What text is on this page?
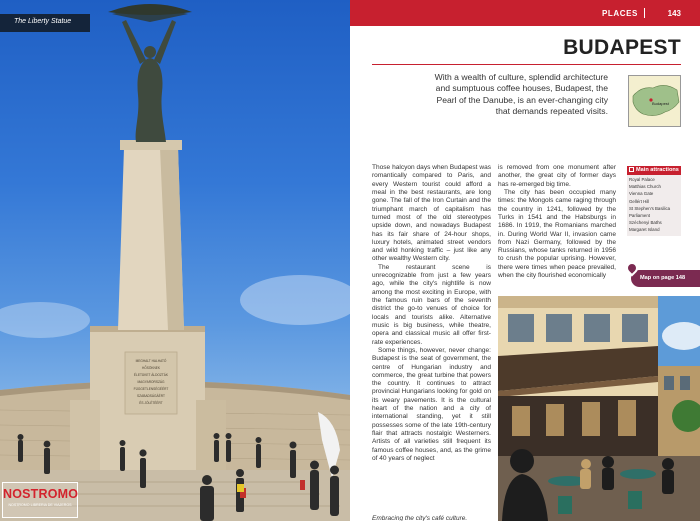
MEGHALT HALHATÓ
HŐSÖKNEK
ÉLETÜKET ÁLDOZTÁK
MAGYARORSZÁG
FÜGGETLENSÉGÉÉRT
SZABADSÁGÁÉRT
ÉS JÓLÉTÉÉRT
The Liberty Statue
NOSTROMO
NOSTROMO LIBRERIA DE VIAJEROS
PLACES	143
BUDAPEST
With a wealth of culture, splendid architecture and sumptuous coffee houses, Budapest, the Pearl of the Danube, is an ever-changing city that demands repeated visits.
Budapest

Those halcyon days when Budapest was romantically compared to Paris, and every Western tourist could afford a meal in the best restaurants, are long gone. The fall of the Iron Curtain and the triumphant march of capitalism has turned most of the old stereotypes upside down, and nowadays Budapest has its fair share of 24-hour shops, luxury hotels, animated street vendors and wild honking traffic – just like any other wealthy Western city.

The restaurant scene is unrecognizable from just a few years ago, while the city's nightlife is now among the most exciting in Europe, with the famous ruin bars of the seventh district the go-to venues of choice for locals and tourists alike. Alternative music is big business, while theatre, opera and classical music all offer first-rate experiences.

Some things, however, never change: Budapest is the seat of government, the centre of Hungarian industry and commerce, the great turbine that powers the country. It continues to attract provincial Hungarians looking for gold on its weary pavements. It is the cultural heart of the nation and a city of international standing, yet it still possesses some of the late 19th-century flair that attracts nostalgic Westerners. Artists of all varieties still frequent its famous coffee houses, and, as the grime of 40 years of neglect

is removed from one monument after another, the great city of former days has re-emerged big time.

The city has been occupied many times: the Mongols came raging through the country in 1241, followed by the Turks in 1541 and the Habsburgs in 1686. In 1919, the Romanians marched in. During World War II, invasion came from Nazi Germany, followed by the Russians, whose tanks returned in 1956 to crush the popular uprising. However, there were times when peace prevailed, when the city flourished economically

Main attractions
Royal Palace
Matthias Church
Vienna Gate
Gellért Hill
St Stephen's Basilica
Parliament
Széchenyi Baths
Margaret Island
Map on page 148
Embracing the city's café culture.
